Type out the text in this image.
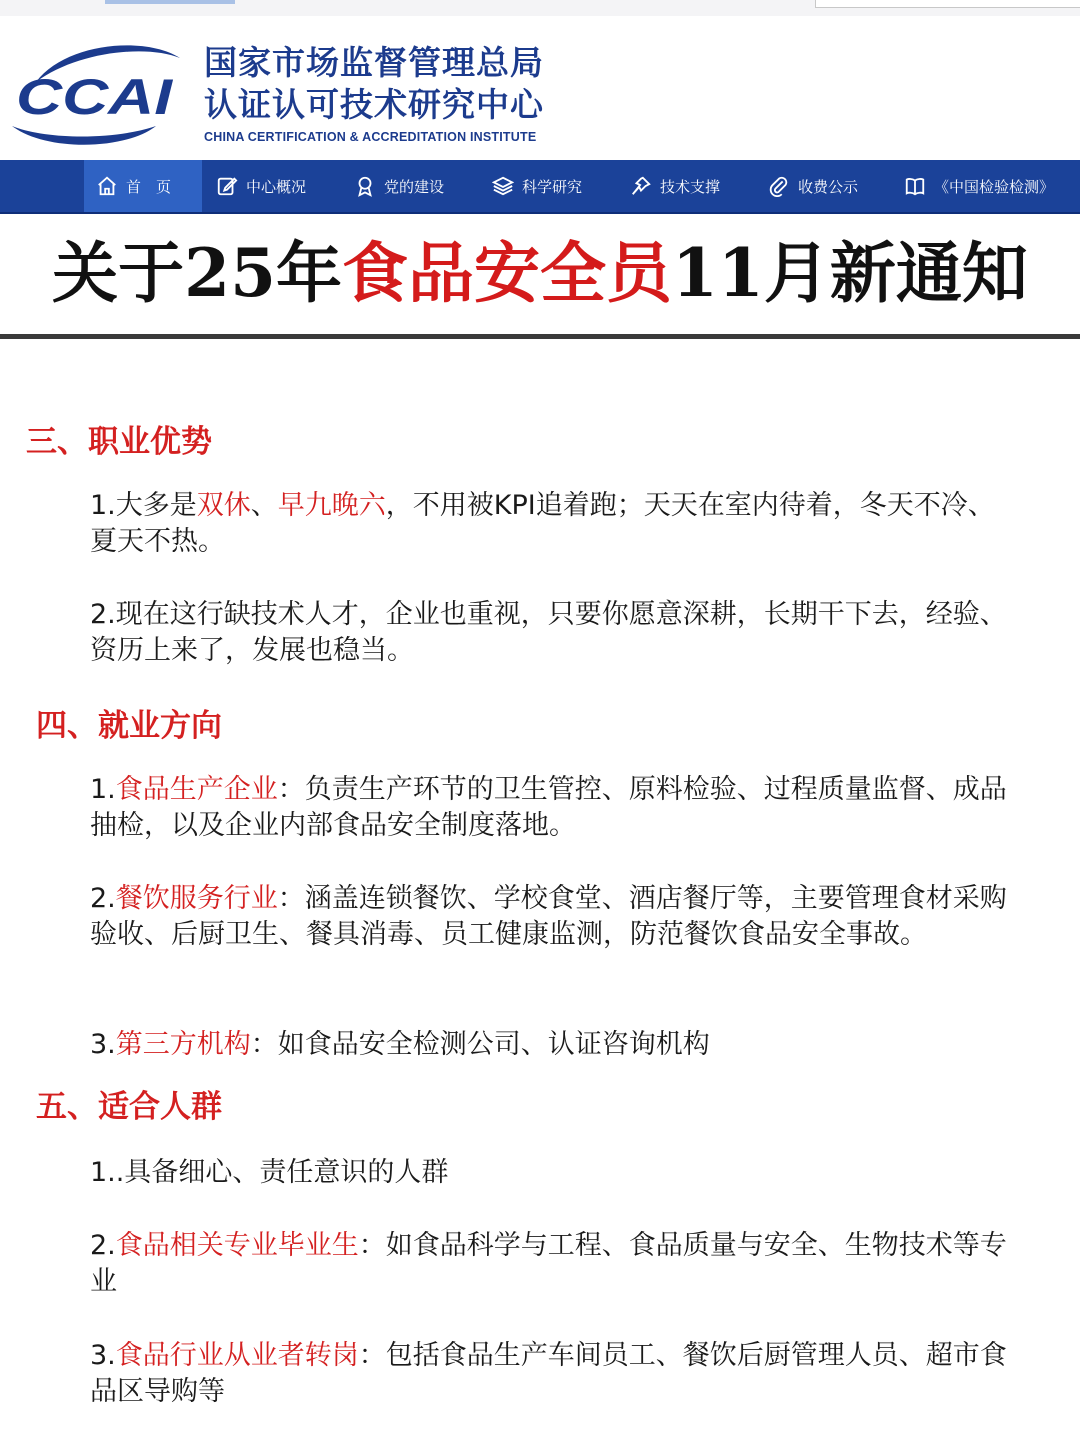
CCAI
国家市场监督管理总局
认证认可技术研究中心
CHINA CERTIFICATION & ACCREDITATION INSTITUTE
首　页	中心概况	党的建设	科学研究	技术支撑	收费公示	《中国检验检测》
关于25年食品安全员11月新通知
三、职业优势
1.大多是双休、早九晚六，不用被KPI追着跑；天天在室内待着，冬天不冷、夏天不热。
2.现在这行缺技术人才，企业也重视，只要你愿意深耕，长期干下去，经验、资历上来了，发展也稳当。
四、就业方向
1.食品生产企业：负责生产环节的卫生管控、原料检验、过程质量监督、成品抽检，以及企业内部食品安全制度落地。
2.餐饮服务行业：涵盖连锁餐饮、学校食堂、酒店餐厅等，主要管理食材采购验收、后厨卫生、餐具消毒、员工健康监测，防范餐饮食品安全事故。
3.第三方机构：如食品安全检测公司、认证咨询机构
五、适合人群
1..具备细心、责任意识的人群
2.食品相关专业毕业生：如食品科学与工程、食品质量与安全、生物技术等专业
3.食品行业从业者转岗：包括食品生产车间员工、餐饮后厨管理人员、超市食品区导购等
